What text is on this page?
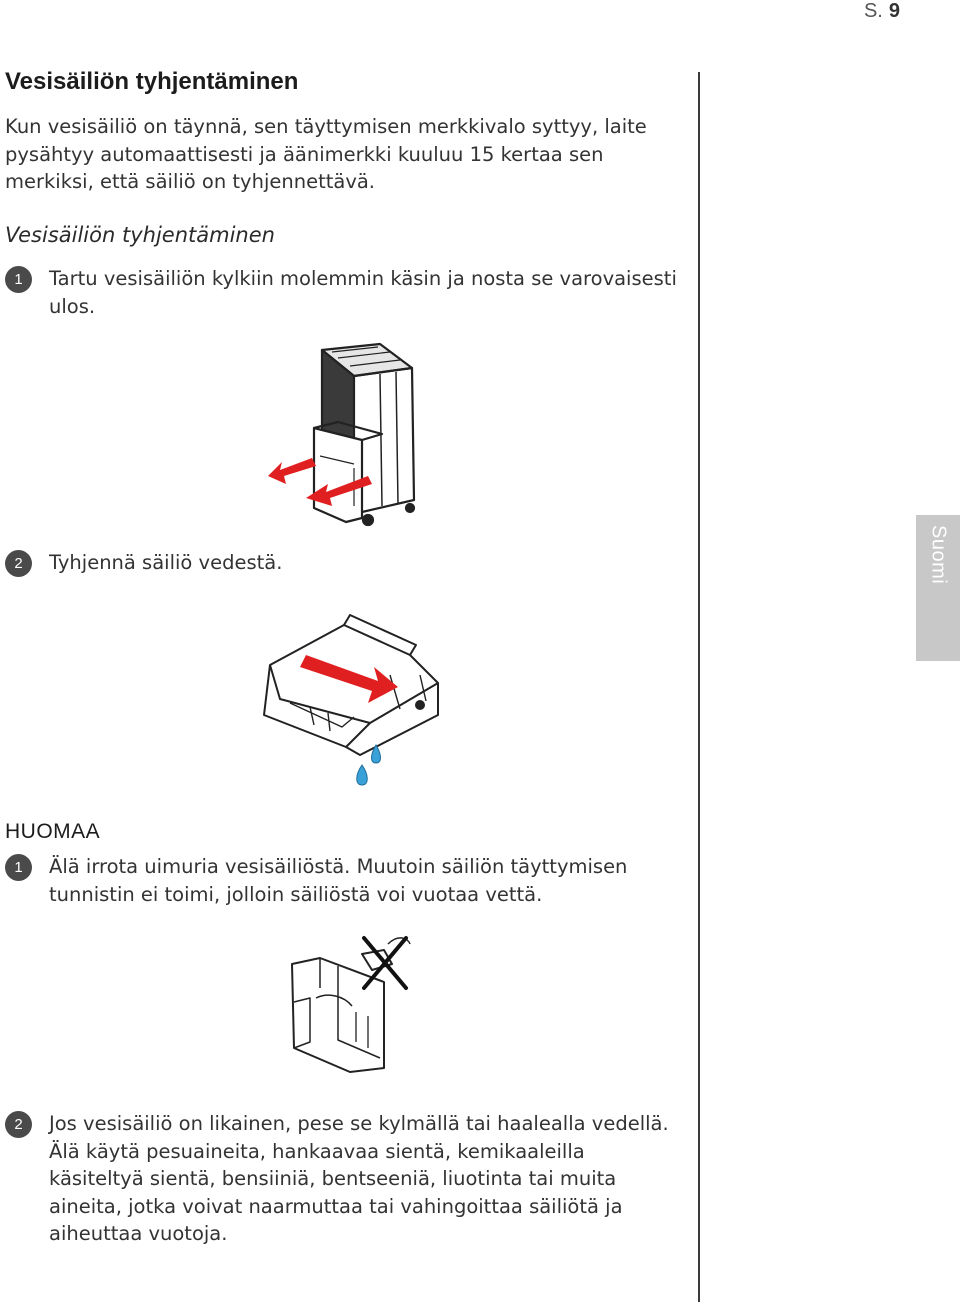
S. 9
Suomi
Vesisäiliön tyhjentäminen
Kun vesisäiliö on täynnä, sen täyttymisen merkkivalo syttyy, laite pysähtyy automaattisesti ja äänimerkki kuuluu 15 kertaa sen merkiksi, että säiliö on tyhjennettävä.
Vesisäiliön tyhjentäminen
1	Tartu vesisäiliön kylkiin molemmin käsin ja nosta se varovaisesti ulos.
2	Tyhjennä säiliö vedestä.
HUOMAA
1	Älä irrota uimuria vesisäiliöstä. Muutoin säiliön täyttymisen tunnistin ei toimi, jolloin säiliöstä voi vuotaa vettä.
2	Jos vesisäiliö on likainen, pese se kylmällä tai haalealla vedellä. Älä käytä pesuaineita, hankaavaa sientä, kemikaaleilla käsiteltyä sientä, bensiiniä, bentseeniä, liuotinta tai muita aineita, jotka voivat naarmuttaa tai vahingoittaa säiliötä ja aiheuttaa vuotoja.
